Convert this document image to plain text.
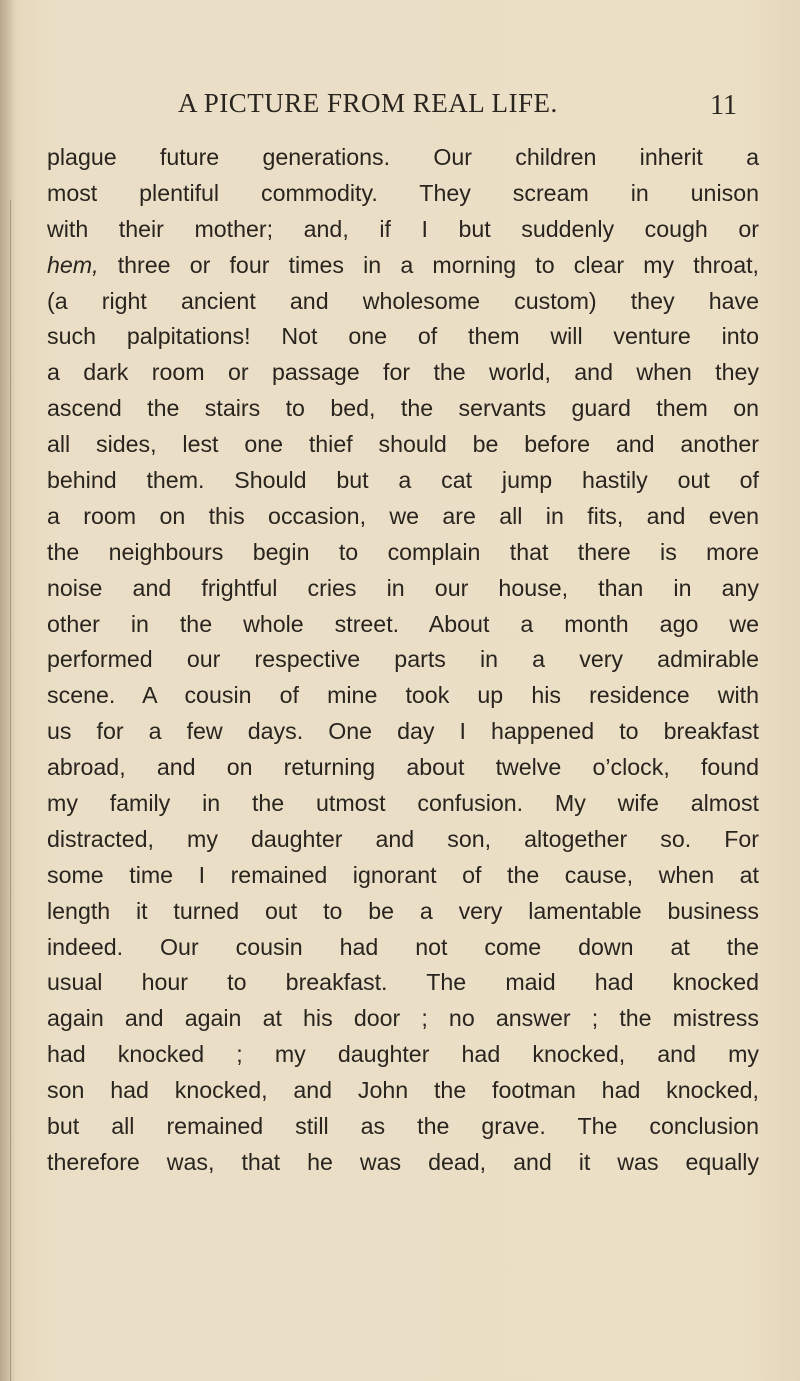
A PICTURE FROM REAL LIFE.	11
plague future generations. Our children inherit a
most plentiful commodity. They scream in unison
with their mother; and, if I but suddenly cough or
hem, three or four times in a morning to clear my throat,
(a right ancient and wholesome custom) they have
such palpitations! Not one of them will venture into
a dark room or passage for the world, and when they
ascend the stairs to bed, the servants guard them on
all sides, lest one thief should be before and another
behind them. Should but a cat jump hastily out of
a room on this occasion, we are all in fits, and even
the neighbours begin to complain that there is more
noise and frightful cries in our house, than in any
other in the whole street. About a month ago we
performed our respective parts in a very admirable
scene. A cousin of mine took up his residence with
us for a few days. One day I happened to breakfast
abroad, and on returning about twelve o’clock, found
my family in the utmost confusion. My wife almost
distracted, my daughter and son, altogether so. For
some time I remained ignorant of the cause, when at
length it turned out to be a very lamentable business
indeed. Our cousin had not come down at the
usual hour to breakfast. The maid had knocked
again and again at his door ; no answer ; the mistress
had knocked ; my daughter had knocked, and my
son had knocked, and John the footman had knocked,
but all remained still as the grave. The conclusion
therefore was, that he was dead, and it was equally
